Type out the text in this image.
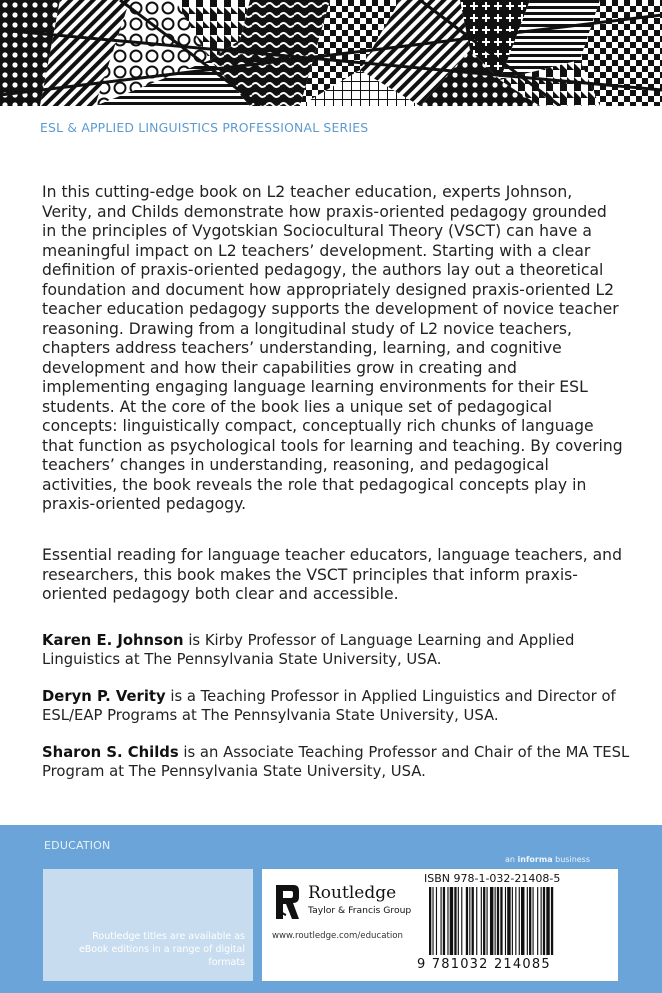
ESL & APPLIED LINGUISTICS PROFESSIONAL SERIES

In this cutting-edge book on L2 teacher education, experts Johnson, Verity, and Childs demonstrate how praxis-oriented pedagogy grounded in the principles of Vygotskian Sociocultural Theory (VSCT) can have a meaningful impact on L2 teachers’ development. Starting with a clear definition of praxis-oriented pedagogy, the authors lay out a theoretical foundation and document how appropriately designed praxis-oriented L2 teacher education pedagogy supports the development of novice teacher reasoning. Drawing from a longitudinal study of L2 novice teachers, chapters address teachers’ understanding, learning, and cognitive development and how their capabilities grow in creating and implementing engaging language learning environments for their ESL students. At the core of the book lies a unique set of pedagogical concepts: linguistically compact, conceptually rich chunks of language that function as psychological tools for learning and teaching. By covering teachers’ changes in understanding, reasoning, and pedagogical activities, the book reveals the role that pedagogical concepts play in praxis-oriented pedagogy.

Essential reading for language teacher educators, language teachers, and researchers, this book makes the VSCT principles that inform praxis-oriented pedagogy both clear and accessible.

Karen E. Johnson is Kirby Professor of Language Learning and Applied Linguistics at The Pennsylvania State University, USA.

Deryn P. Verity is a Teaching Professor in Applied Linguistics and Director of ESL/EAP Programs at The Pennsylvania State University, USA.

Sharon S. Childs is an Associate Teaching Professor and Chair of the MA TESL Program at The Pennsylvania State University, USA.

EDUCATION
an informa business
Routledge titles are available as eBook editions in a range of digital formats
Routledge
Taylor & Francis Group
www.routledge.com/education
ISBN 978-1-032-21408-5
9 781032 214085
